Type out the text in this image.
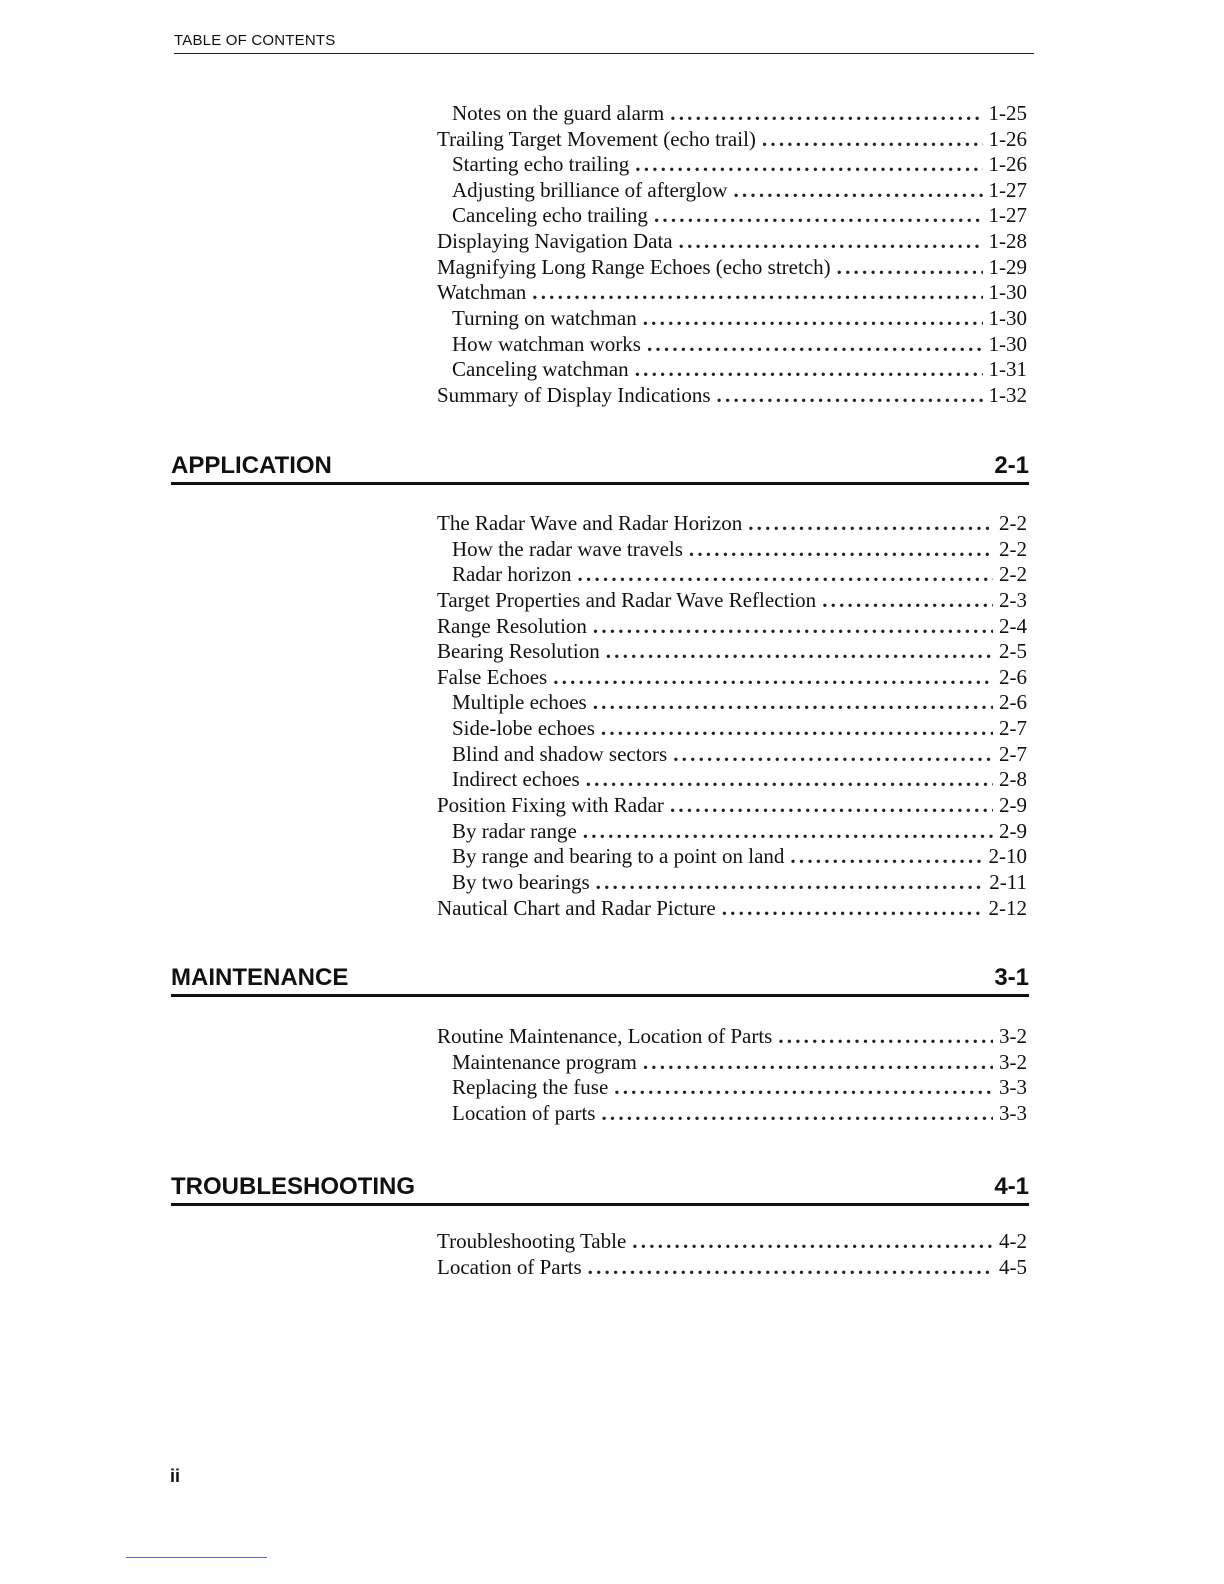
TABLE OF CONTENTS
Notes on the guard alarm .....	1-25
Trailing Target Movement (echo trail) .....	1-26
Starting echo trailing .....	1-26
Adjusting brilliance of afterglow .....	1-27
Canceling echo trailing .....	1-27
Displaying Navigation Data .....	1-28
Magnifying Long Range Echoes (echo stretch) .....	1-29
Watchman .....	1-30
Turning on watchman .....	1-30
How watchman works .....	1-30
Canceling watchman .....	1-31
Summary of Display Indications .....	1-32
APPLICATION	2-1
The Radar Wave and Radar Horizon .....	2-2
How the radar wave travels .....	2-2
Radar horizon .....	2-2
Target Properties and Radar Wave Reflection .....	2-3
Range Resolution .....	2-4
Bearing Resolution .....	2-5
False Echoes .....	2-6
Multiple echoes .....	2-6
Side-lobe echoes .....	2-7
Blind and shadow sectors .....	2-7
Indirect echoes .....	2-8
Position Fixing with Radar .....	2-9
By radar range .....	2-9
By range and bearing to a point on land .....	2-10
By two bearings .....	2-11
Nautical Chart and Radar Picture .....	2-12
MAINTENANCE	3-1
Routine Maintenance, Location of Parts .....	3-2
Maintenance program .....	3-2
Replacing the fuse .....	3-3
Location of parts .....	3-3
TROUBLESHOOTING	4-1
Troubleshooting Table .....	4-2
Location of Parts .....	4-5
ii
